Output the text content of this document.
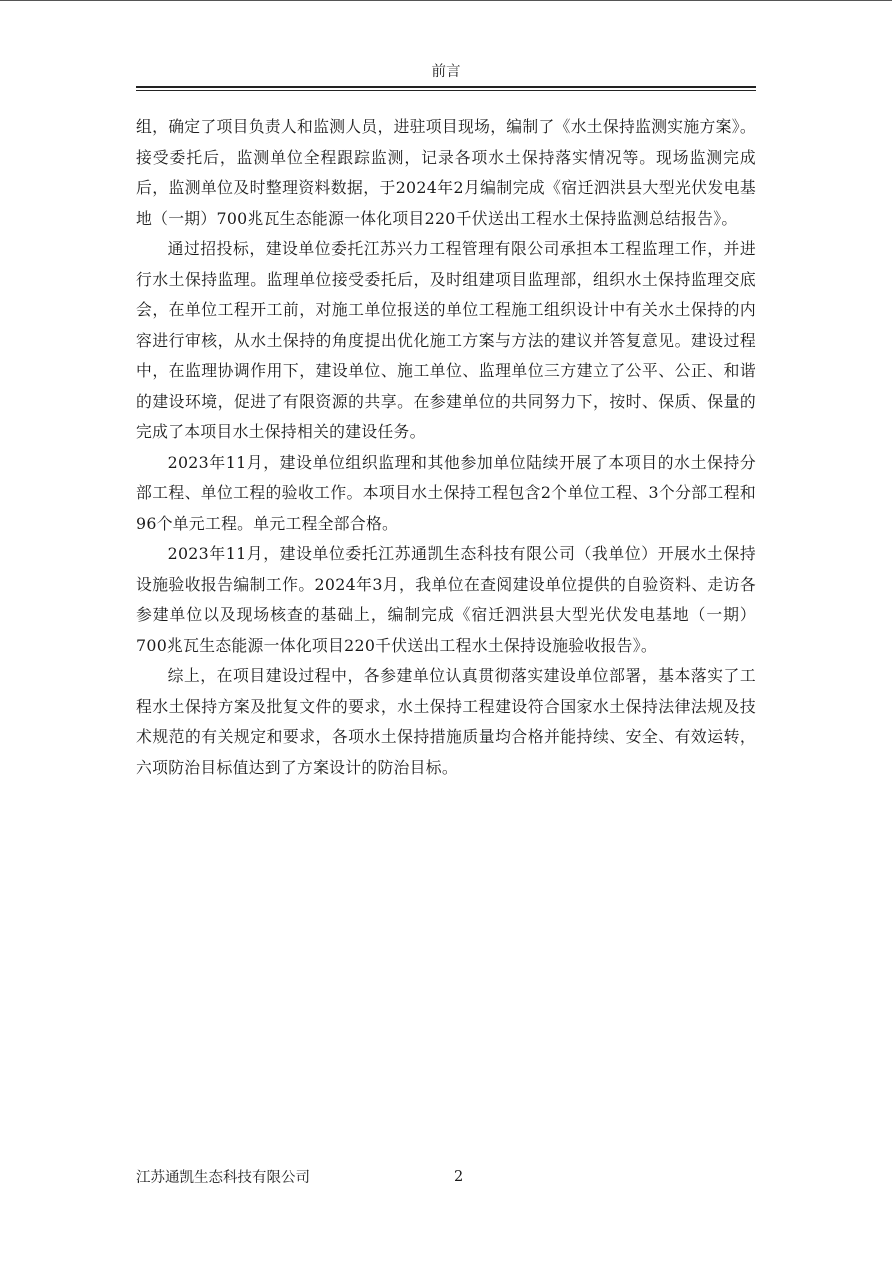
前言

组，确定了项目负责人和监测人员，进驻项目现场，编制了《水土保持监测实施方案》。接受委托后，监测单位全程跟踪监测，记录各项水土保持落实情况等。现场监测完成后，监测单位及时整理资料数据，于2024年2月编制完成《宿迁泗洪县大型光伏发电基地（一期）700兆瓦生态能源一体化项目220千伏送出工程水土保持监测总结报告》。

通过招投标，建设单位委托江苏兴力工程管理有限公司承担本工程监理工作，并进行水土保持监理。监理单位接受委托后，及时组建项目监理部，组织水土保持监理交底会，在单位工程开工前，对施工单位报送的单位工程施工组织设计中有关水土保持的内容进行审核，从水土保持的角度提出优化施工方案与方法的建议并答复意见。建设过程中，在监理协调作用下，建设单位、施工单位、监理单位三方建立了公平、公正、和谐的建设环境，促进了有限资源的共享。在参建单位的共同努力下，按时、保质、保量的完成了本项目水土保持相关的建设任务。

2023年11月，建设单位组织监理和其他参加单位陆续开展了本项目的水土保持分部工程、单位工程的验收工作。本项目水土保持工程包含2个单位工程、3个分部工程和96个单元工程。单元工程全部合格。

2023年11月，建设单位委托江苏通凯生态科技有限公司（我单位）开展水土保持设施验收报告编制工作。2024年3月，我单位在查阅建设单位提供的自验资料、走访各参建单位以及现场核查的基础上，编制完成《宿迁泗洪县大型光伏发电基地（一期）700兆瓦生态能源一体化项目220千伏送出工程水土保持设施验收报告》。

综上，在项目建设过程中，各参建单位认真贯彻落实建设单位部署，基本落实了工程水土保持方案及批复文件的要求，水土保持工程建设符合国家水土保持法律法规及技术规范的有关规定和要求，各项水土保持措施质量均合格并能持续、安全、有效运转，六项防治目标值达到了方案设计的防治目标。

江苏通凯生态科技有限公司	2
